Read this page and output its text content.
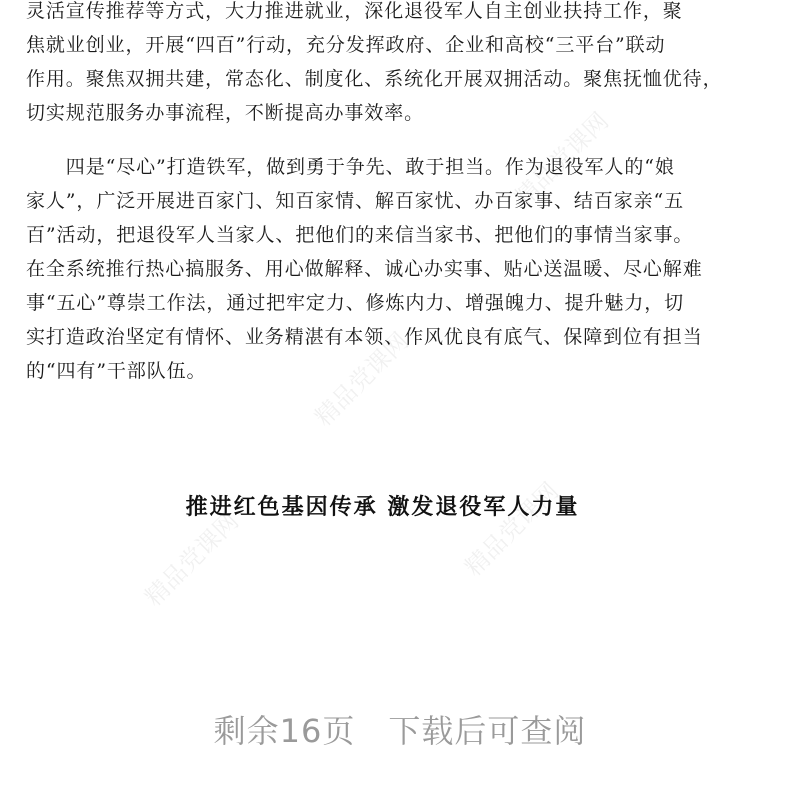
精品党课网
精品党课网	精品党课网
精品党课网
灵活宣传推荐等方式，大力推进就业，深化退役军人自主创业扶持工作，聚
焦就业创业，开展“四百”行动，充分发挥政府、企业和高校“三平台”联动
作用。聚焦双拥共建，常态化、制度化、系统化开展双拥活动。聚焦抚恤优待，
切实规范服务办事流程，不断提高办事效率。
　　四是“尽心”打造铁军，做到勇于争先、敢于担当。作为退役军人的“娘
家人”，广泛开展进百家门、知百家情、解百家忧、办百家事、结百家亲“五
百”活动，把退役军人当家人、把他们的来信当家书、把他们的事情当家事。
在全系统推行热心搞服务、用心做解释、诚心办实事、贴心送温暖、尽心解难
事“五心”尊崇工作法，通过把牢定力、修炼内力、增强魄力、提升魅力，切
实打造政治坚定有情怀、业务精湛有本领、作风优良有底气、保障到位有担当
的“四有”干部队伍。
推进红色基因传承 激发退役军人力量
剩余16页　下载后可查阅
